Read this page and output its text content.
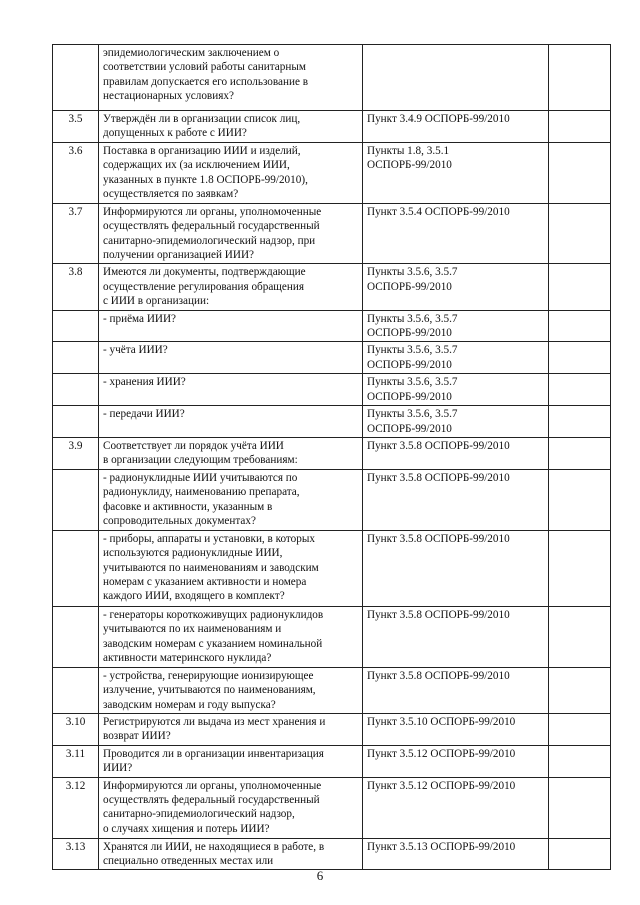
	эпидемиологическим заключением о
соответствии условий работы санитарным
правилам допускается его использование в
нестационарных условиях?		
3.5	Утверждён ли в организации список лиц,
допущенных к работе с ИИИ?	Пункт 3.4.9 ОСПОРБ-99/2010	
3.6	Поставка в организацию ИИИ и изделий,
содержащих их (за исключением ИИИ,
указанных в пункте 1.8 ОСПОРБ-99/2010),
осуществляется по заявкам?	Пункты 1.8, 3.5.1
ОСПОРБ-99/2010	
3.7	Информируются ли органы, уполномоченные
осуществлять федеральный государственный
санитарно-эпидемиологический надзор, при
получении организацией ИИИ?	Пункт 3.5.4 ОСПОРБ-99/2010	
3.8	Имеются ли документы, подтверждающие
осуществление регулирования обращения
с ИИИ в организации:	Пункты 3.5.6, 3.5.7
ОСПОРБ-99/2010	
	- приёма ИИИ?	Пункты 3.5.6, 3.5.7
ОСПОРБ-99/2010	
	- учёта ИИИ?	Пункты 3.5.6, 3.5.7
ОСПОРБ-99/2010	
	- хранения ИИИ?	Пункты 3.5.6, 3.5.7
ОСПОРБ-99/2010	
	- передачи ИИИ?	Пункты 3.5.6, 3.5.7
ОСПОРБ-99/2010	
3.9	Соответствует ли порядок учёта ИИИ
в организации следующим требованиям:	Пункт 3.5.8 ОСПОРБ-99/2010	
	- радионуклидные ИИИ учитываются по
радионуклиду, наименованию препарата,
фасовке и активности, указанным в
сопроводительных документах?	Пункт 3.5.8 ОСПОРБ-99/2010	
	- приборы, аппараты и установки, в которых
используются радионуклидные ИИИ,
учитываются по наименованиям и заводским
номерам с указанием активности и номера
каждого ИИИ, входящего в комплект?	Пункт 3.5.8 ОСПОРБ-99/2010	
	- генераторы короткоживущих радионуклидов
учитываются по их наименованиям и
заводским номерам с указанием номинальной
активности материнского нуклида?	Пункт 3.5.8 ОСПОРБ-99/2010	
	- устройства, генерирующие ионизирующее
излучение, учитываются по наименованиям,
заводским номерам и году выпуска?	Пункт 3.5.8 ОСПОРБ-99/2010	
3.10	Регистрируются ли выдача из мест хранения и
возврат ИИИ?	Пункт 3.5.10 ОСПОРБ-99/2010	
3.11	Проводится ли в организации инвентаризация
ИИИ?	Пункт 3.5.12 ОСПОРБ-99/2010	
3.12	Информируются ли органы, уполномоченные
осуществлять федеральный государственный
санитарно-эпидемиологический надзор,
о случаях хищения и потерь ИИИ?	Пункт 3.5.12 ОСПОРБ-99/2010	
3.13	Хранятся ли ИИИ, не находящиеся в работе, в
специально отведенных местах или	Пункт 3.5.13 ОСПОРБ-99/2010	
6
